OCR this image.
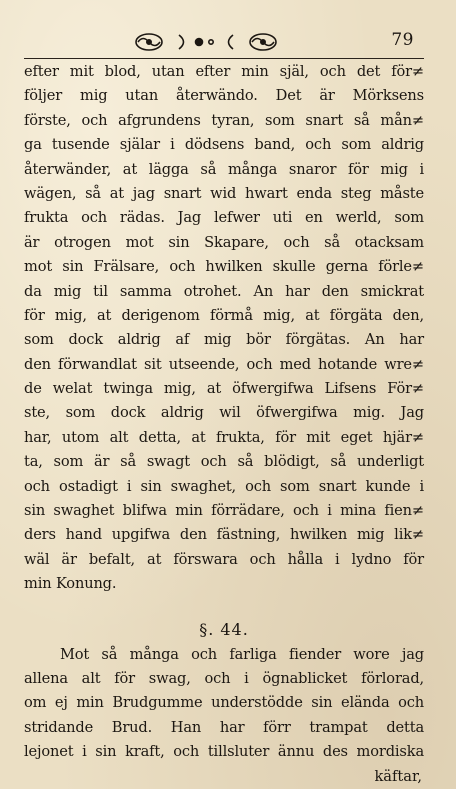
79
efter mit blod, utan efter min själ, och det för≠
följer mig utan återwändo. Det är Mörksens
förste, och afgrundens tyran, som snart så mån≠
ga tusende själar i dödsens band, och som aldrig
återwänder, at lägga så många snaror för mig i
wägen, så at jag snart wid hwart enda steg måste
frukta och rädas. Jag lefwer uti en werld, som
är otrogen mot sin Skapare, och så otacksam
mot sin Frälsare, och hwilken skulle gerna förle≠
da mig til samma otrohet. An har den smickrat
för mig, at derigenom förmå mig, at förgäta den,
som dock aldrig af mig bör förgätas. An har
den förwandlat sit utseende, och med hotande wre≠
de welat twinga mig, at öfwergifwa Lifsens För≠
ste, som dock aldrig wil öfwergifwa mig. Jag
har, utom alt detta, at frukta, för mit eget hjär≠
ta, som är så swagt och så blödigt, så underligt
och ostadigt i sin swaghet, och som snart kunde i
sin swaghet blifwa min förrädare, och i mina fien≠
ders hand upgifwa den fästning, hwilken mig lik≠
wäl är befalt, at förswara och hålla i lydno för
min Konung.
§. 44.
Mot så många och farliga fiender wore jag
allena alt för swag, och i ögnablicket förlorad,
om ej min Brudgumme understödde sin elända och
stridande Brud. Han har förr trampat detta
lejonet i sin kraft, och tillsluter ännu des mordiska
käftar,
